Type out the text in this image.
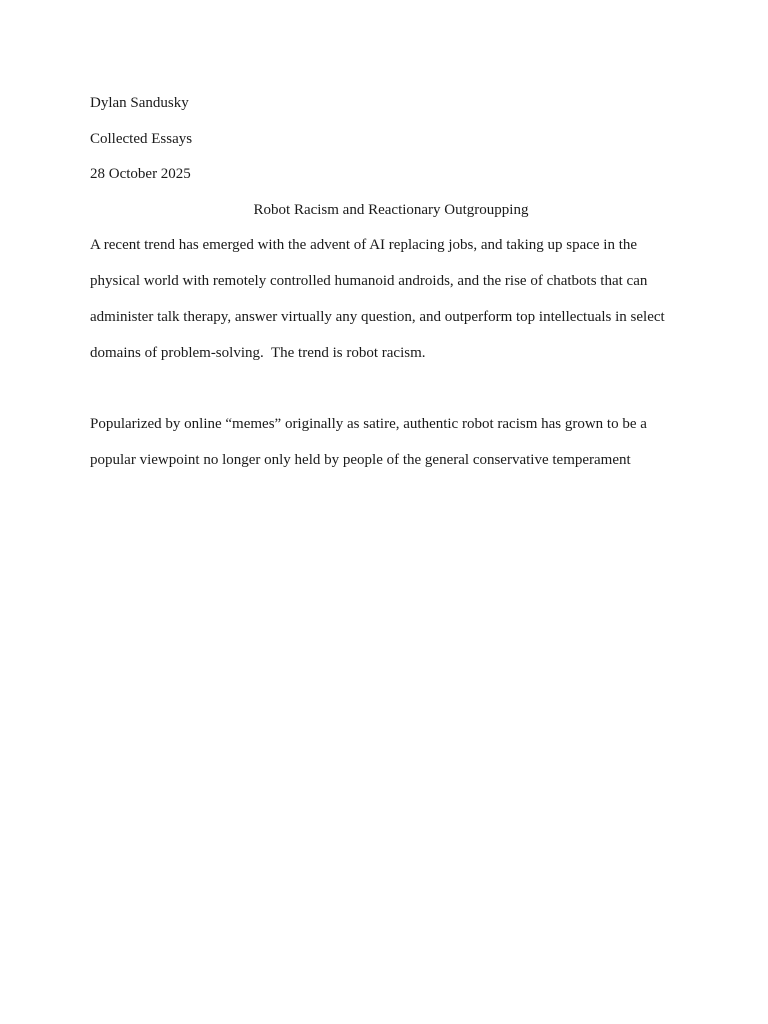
Dylan Sandusky
Collected Essays
28 October 2025
Robot Racism and Reactionary Outgroupping
A recent trend has emerged with the advent of AI replacing jobs, and taking up space in the
physical world with remotely controlled humanoid androids, and the rise of chatbots that can
administer talk therapy, answer virtually any question, and outperform top intellectuals in select
domains of problem-solving.  The trend is robot racism.
Popularized by online “memes” originally as satire, authentic robot racism has grown to be a
popular viewpoint no longer only held by people of the general conservative temperament
